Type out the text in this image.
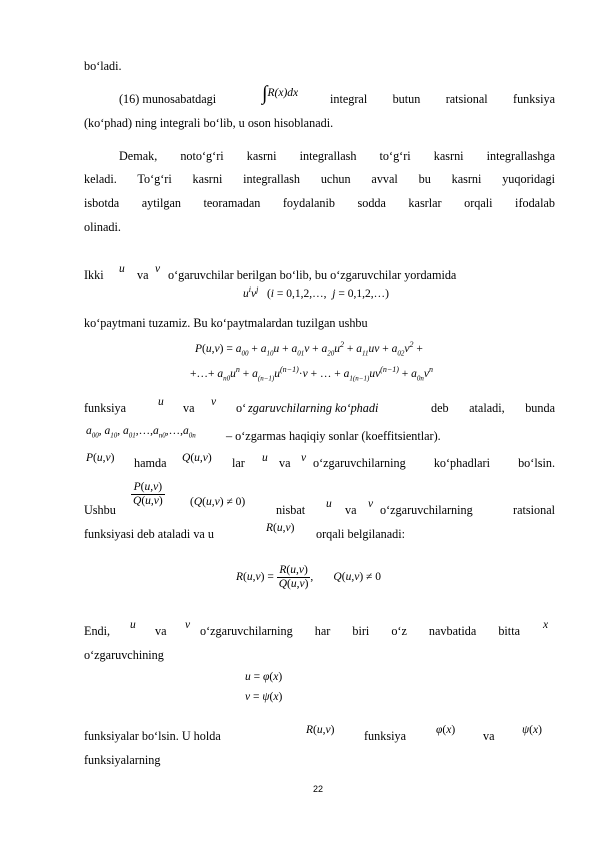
bo‘ladi.
(16) munosabatdagi ∫R(x)dx	integral butun ratsional funksiya
(ko‘phad) ning integrali bo‘lib, u oson hisoblanadi.
Demak, noto‘g‘ri kasrni integrallash to‘g‘ri kasrni integrallashga
keladi. To‘g‘ri kasrni integrallash uchun avval bu kasrni yuqoridagi
isbotda aytilgan teoramadan foydalanib sodda kasrlar orqali ifodalab
olinadi.
Ikki u va v o‘garuvchilar berilgan bo‘lib, bu o‘zgaruvchilar yordamida
$u^iv^j$ (i = 0,1,2,…,  j = 0,1,2,…)
ko‘paytmani tuzamiz. Bu ko‘paytmalardan tuzilgan ushbu
$P(u,v) = a_{00} + a_{10}u + a_{01}v + a_{20}u^2 + a_{11}uv + a_{02}v^2$ +
+…+ $a_{n0}u^n + a_{(n-1)}u^{(n-1)}\cdot v$ + … + $a_{1(n-1)}uv^{(n-1)} + a_{0n}v^n$
funksiya	u va v o‘ zgaruvchilarning ko‘phadi	deb ataladi, bunda
$a_{00}$, $a_{10}$, $a_{01},\dots,a_{n0},\dots,a_{0n}$ – o‘zgarmas haqiqiy sonlar (koeffitsientlar).
P(u,v) hamda Q(u,v) lar u va v o‘zgaruvchilarning ko‘phadlari bo‘lsin.
Ushbu
$\frac{P(u,v)}{Q(u,v)} (Q(u,v) \ne 0)$
nisbat u va v o‘zgaruvchilarning ratsional
funksiyasi deb ataladi va u	R(u,v) orqali belgilanadi:
$R(u,v) = \frac{R(u,v)}{Q(u,v)}$ ,       Q(u,v) ≠ 0
Endi, u va v o‘zgaruvchilarning har biri o‘z navbatida bitta x
o‘zgaruvchining
u = φ(x)
v = ψ(x)
funksiyalar bo‘lsin. U holda	R(u,v) funksiya	φ(x) va ψ(x)
funksiyalarning
22
